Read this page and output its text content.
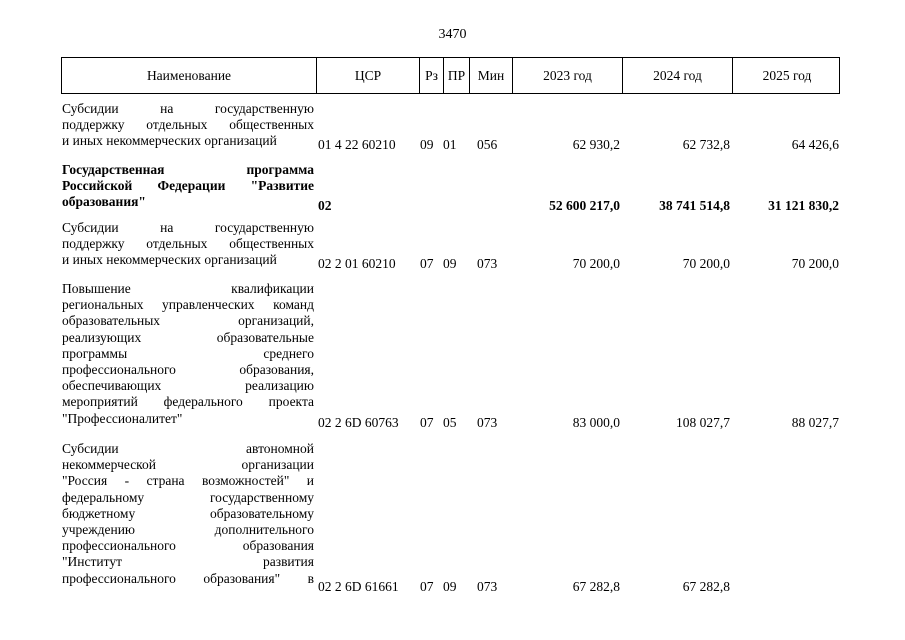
3470
Наименование	ЦСР	Рз ПР Мин	2023 год	2024 год	2025 год
Субсидии на государственную
поддержку отдельных общественных
и иных некоммерческих организаций	01 4 22 60210 09 01 056	62 930,2	62 732,8	64 426,6
Государственная программа
Российской Федерации "Развитие
образования"	02	52 600 217,0	38 741 514,8	31 121 830,2
Субсидии на государственную
поддержку отдельных общественных
и иных некоммерческих организаций	02 2 01 60210 07 09 073	70 200,0	70 200,0	70 200,0
Повышение квалификации
региональных управленческих команд
образовательных организаций,
реализующих образовательные
программы среднего
профессионального образования,
обеспечивающих реализацию
мероприятий федерального проекта
"Профессионалитет"	02 2 6D 60763 07 05 073	83 000,0	108 027,7	88 027,7
Субсидии автономной
некоммерческой организации
"Россия - страна возможностей" и
федеральному государственному
бюджетному образовательному
учреждению дополнительного
профессионального образования
"Институт развития
профессионального образования" в
02 2 6D 61661 07 09 073	67 282,8	67 282,8
